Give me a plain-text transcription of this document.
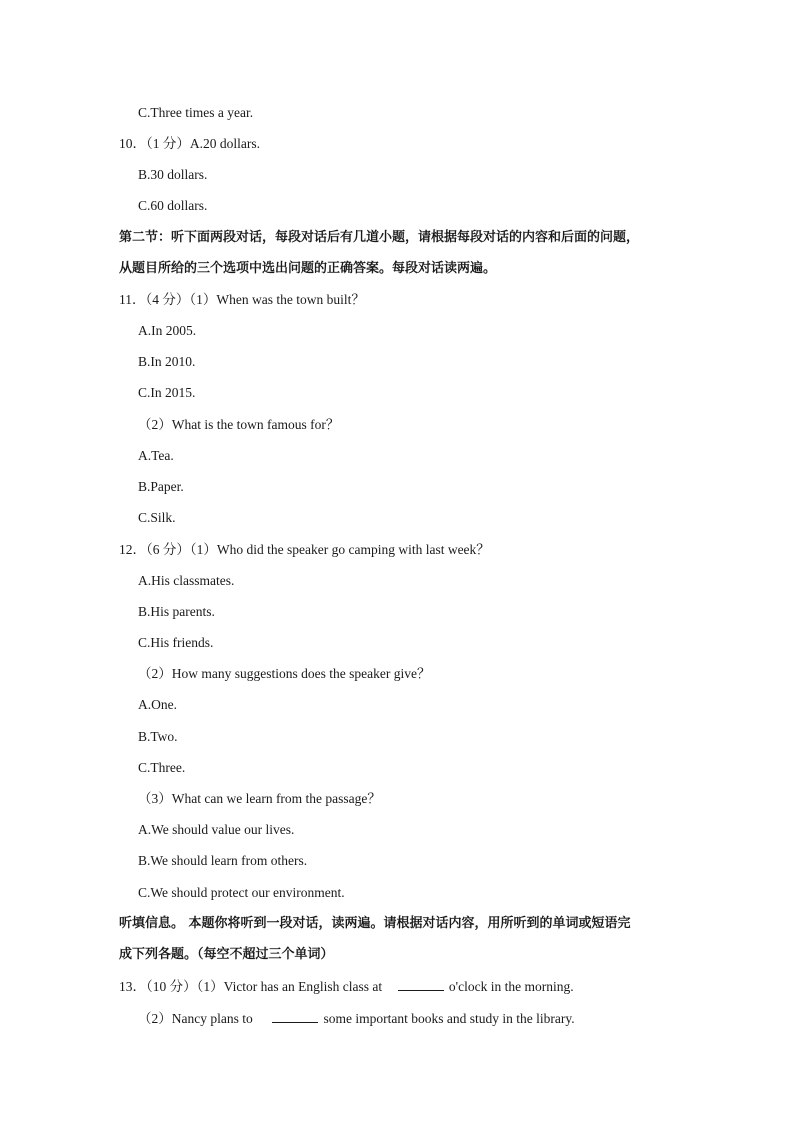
C.Three times a year.
10．（1 分）A.20 dollars.
B.30 dollars.
C.60 dollars.
第二节：听下面两段对话，每段对话后有几道小题，请根据每段对话的内容和后面的问题，
从题目所给的三个选项中选出问题的正确答案。每段对话读两遍。
11．（4 分）（1）When was the town built？
A.In 2005.
B.In 2010.
C.In 2015.
（2）What is the town famous for？
A.Tea.
B.Paper.
C.Silk.
12．（6 分）（1）Who did the speaker go camping with last week？
A.His classmates.
B.His parents.
C.His friends.
（2）How many suggestions does the speaker give？
A.One.
B.Two.
C.Three.
（3）What can we learn from the passage？
A.We should value our lives.
B.We should learn from others.
C.We should protect our environment.
听填信息。 本题你将听到一段对话，读两遍。请根据对话内容，用所听到的单词或短语完
成下列各题。（每空不超过三个单词）
13．（10 分）（1）Victor has an English class at	o'clock in the morning.
（2）Nancy plans to	some important books and study in the library.
